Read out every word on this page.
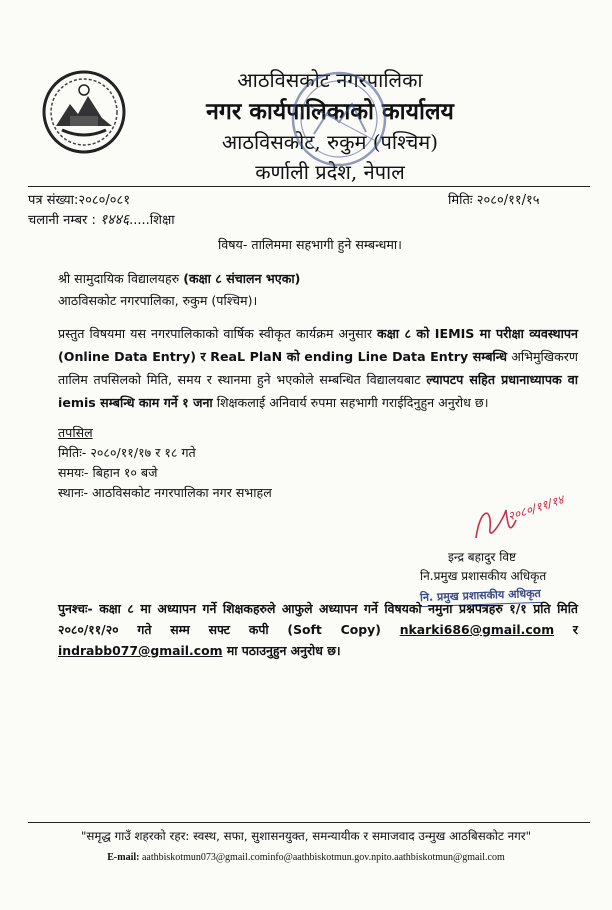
आठविसकोट नगरपालिका
नगर कार्यपालिकाको कार्यालय
आठविसकोट, रुकुम (पश्चिम)
कर्णाली प्रदेश, नेपाल
पत्र संख्या:२०८०/०८१	मितिः २०८०/११/१५
चलानी नम्बर : १४४६.....शिक्षा
विषय- तालिममा सहभागी हुने सम्बन्धमा।
श्री सामुदायिक विद्यालयहरु (कक्षा ८ संचालन भएका)
आठविसकोट नगरपालिका, रुकुम (पश्चिम)।

प्रस्तुत विषयमा यस नगरपालिकाको वार्षिक स्वीकृत कार्यक्रम अनुसार कक्षा ८ को IEMIS मा परीक्षा व्यवस्थापन (Online Data Entry) र ReaL PlaN को ending Line Data Entry सम्बन्धि अभिमुखिकरण तालिम तपसिलको मिति, समय र स्थानमा हुने भएकोले सम्बन्धित विद्यालयबाट ल्यापटप सहित प्रधानाध्यापक वा iemis सम्बन्धि काम गर्ने १ जना शिक्षकलाई अनिवार्य रुपमा सहभागी गराईदिनुहुन अनुरोध छ।

तपसिल
मितिः- २०८०/११/१७ र १८ गते
समयः- बिहान १० बजे
स्थानः- आठविसकोट नगरपालिका नगर सभाहल	२०८०/११/१४
इन्द्र बहादुर विष्ट
नि.प्रमुख प्रशासकीय अधिकृत
नि. प्रमुख प्रशासकीय अधिकृत

पुनश्चः- कक्षा ८ मा अध्यापन गर्ने शिक्षकहरुले आफुले अध्यापन गर्ने विषयको नमुना प्रश्नपत्रहरु १/१ प्रति मिति २०८०/११/२० गते सम्म सफ्ट कपी (Soft Copy) nkarki686@gmail.com र indrabb077@gmail.com मा पठाउनुहुन अनुरोध छ।

"समृद्ध गाउँ शहरको रहर: स्वस्थ, सफा, सुशासनयुक्त, समन्यायीक र समाजवाद उन्मुख आठबिसकोट नगर"
E-mail: aathbiskotmun073@gmail.cominfo@aathbiskotmun.gov.npito.aathbiskotmun@gmail.com
